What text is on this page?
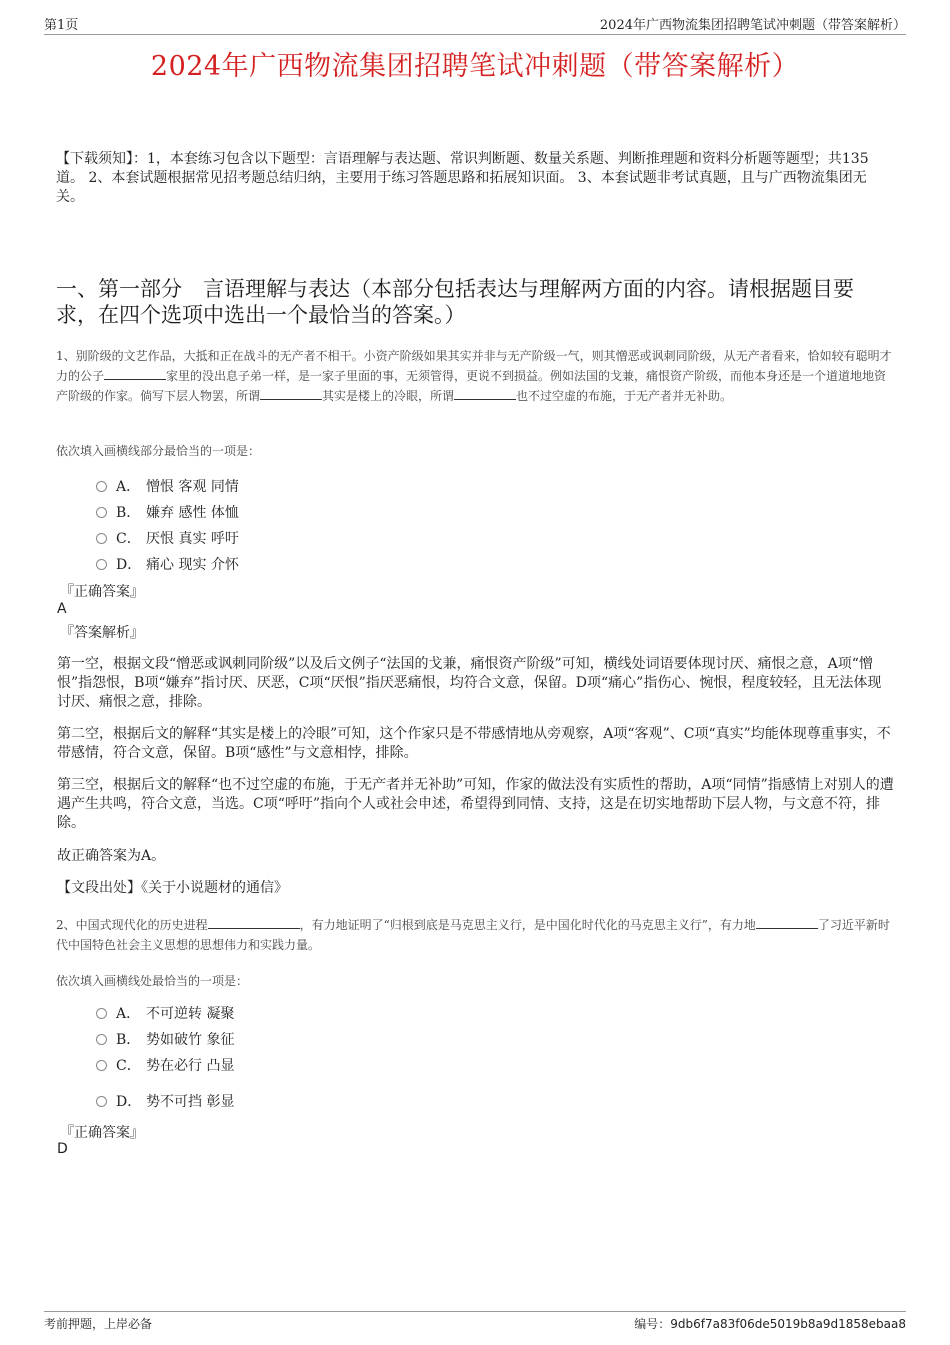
第1页	2024年广西物流集团招聘笔试冲刺题（带答案解析）
2024年广西物流集团招聘笔试冲刺题（带答案解析）
【下载须知】：1，本套练习包含以下题型：言语理解与表达题、常识判断题、数量关系题、判断推理题和资料分析题等题型；共135道。 2、本套试题根据常见招考题总结归纳，主要用于练习答题思路和拓展知识面。 3、本套试题非考试真题，且与广西物流集团无关。
一、第一部分　言语理解与表达（本部分包括表达与理解两方面的内容。请根据题目要求，在四个选项中选出一个最恰当的答案。）
1、别阶级的文艺作品，大抵和正在战斗的无产者不相干。小资产阶级如果其实并非与无产阶级一气，则其憎恶或讽刺同阶级，从无产者看来，恰如较有聪明才力的公子	家里的没出息子弟一样，是一家子里面的事，无须管得，更说不到损益。例如法国的戈兼，痛恨资产阶级，而他本身还是一个道道地地资产阶级的作家。倘写下层人物罢，所谓	其实是楼上的冷眼，所谓	也不过空虚的布施，于无产者并无补助。
依次填入画横线部分最恰当的一项是：
A． 憎恨 客观 同情
B． 嫌弃 感性 体恤
C． 厌恨 真实 呼吁
D． 痛心 现实 介怀
『正确答案』
A
『答案解析』
第一空，根据文段“憎恶或讽刺同阶级”以及后文例子“法国的戈兼，痛恨资产阶级”可知，横线处词语要体现讨厌、痛恨之意，A项“憎恨”指怨恨，B项“嫌弃”指讨厌、厌恶，C项“厌恨”指厌恶痛恨，均符合文意，保留。D项“痛心”指伤心、惋恨，程度较轻，且无法体现讨厌、痛恨之意，排除。
第二空，根据后文的解释“其实是楼上的冷眼”可知，这个作家只是不带感情地从旁观察，A项“客观”、C项“真实”均能体现尊重事实，不带感情，符合文意，保留。B项“感性”与文意相悖，排除。
第三空，根据后文的解释“也不过空虚的布施，于无产者并无补助”可知，作家的做法没有实质性的帮助，A项“同情”指感情上对别人的遭遇产生共鸣，符合文意，当选。C项“呼吁”指向个人或社会申述，希望得到同情、支持，这是在切实地帮助下层人物，与文意不符，排除。
故正确答案为A。
【文段出处】《关于小说题材的通信》
2、中国式现代化的历史进程	，有力地证明了“归根到底是马克思主义行，是中国化时代化的马克思主义行”，有力地	了习近平新时代中国特色社会主义思想的思想伟力和实践力量。
依次填入画横线处最恰当的一项是：
A． 不可逆转 凝聚
B． 势如破竹 象征
C． 势在必行 凸显
D． 势不可挡 彰显
『正确答案』
D
考前押题，上岸必备	编号：9db6f7a83f06de5019b8a9d1858ebaa8
